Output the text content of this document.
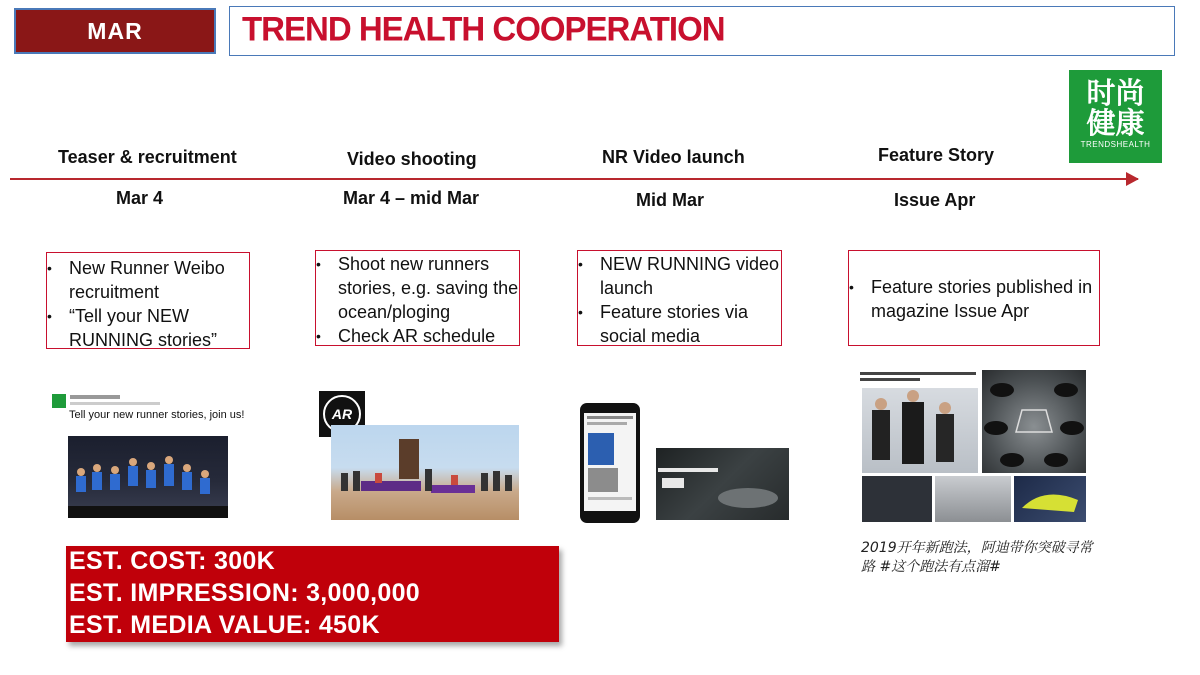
MAR	TREND HEALTH COOPERATION
时尚
健康
TRENDSHEALTH
Teaser & recruitment	Video shooting	NR Video launch	Feature Story
Mar 4	Mar 4 – mid Mar	Mid Mar	Issue Apr
• New Runner Weibo recruitment
• “Tell your NEW RUNNING stories”
• Shoot new runners stories, e.g. saving the ocean/ploging
• Check AR schedule
• NEW RUNNING video launch
• Feature stories via social media
• Feature stories published in magazine Issue Apr
Tell your new runner stories, join us!	AR
2019开年新跑法，阿迪带你突破寻常路 #这个跑法有点溜#
EST. COST: 300K
EST. IMPRESSION: 3,000,000
EST. MEDIA VALUE: 450K
